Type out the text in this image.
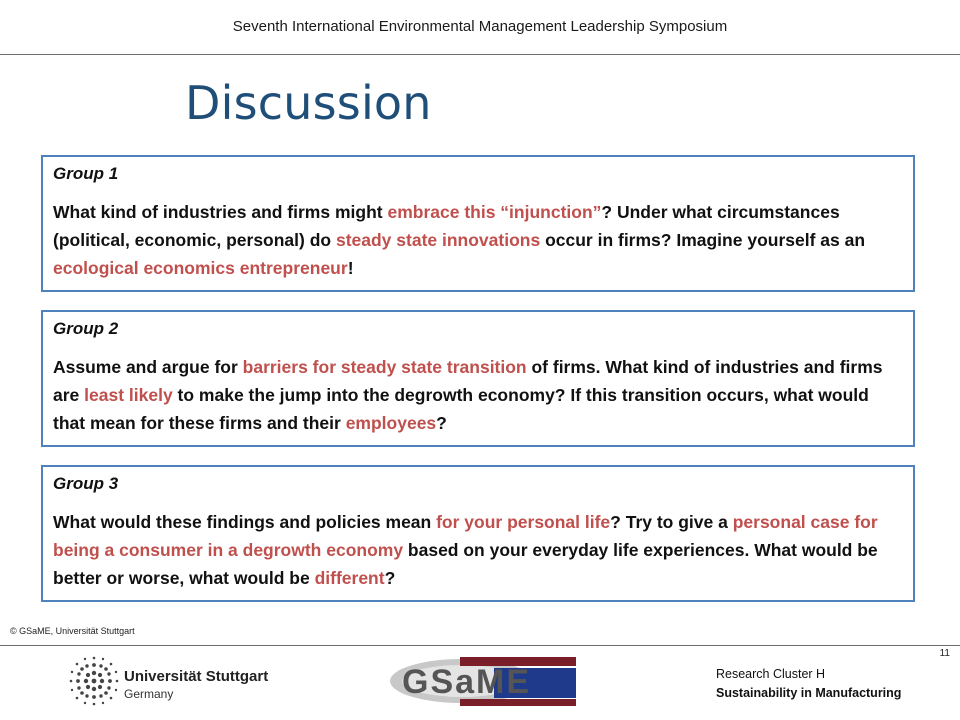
Seventh International Environmental Management Leadership Symposium
Discussion
Group 1

What kind of industries and firms might embrace this “injunction”? Under what circumstances (political, economic, personal) do steady state innovations occur in firms? Imagine yourself as an ecological economics entrepreneur!

Group 2

Assume and argue for barriers for steady state transition of firms. What kind of industries and firms are least likely to make the jump into the degrowth economy? If this transition occurs, what would that mean for these firms and their employees?

Group 3

What would these findings and policies mean for your personal life? Try to give a personal case for being a consumer in a degrowth economy based on your everyday life experiences. What would be better or worse, what would be different?

© GSaME, Universität Stuttgart
11
Universität Stuttgart
Germany	GSaME	Research Cluster H
Sustainability in Manufacturing
